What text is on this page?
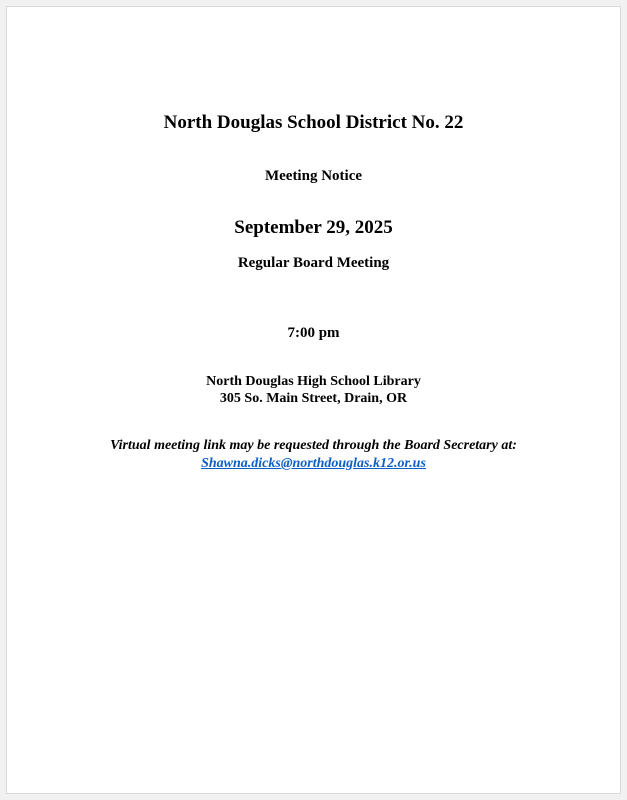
North Douglas School District No. 22
Meeting Notice
September 29, 2025
Regular Board Meeting
7:00 pm
North Douglas High School Library
305 So. Main Street, Drain, OR
Virtual meeting link may be requested through the Board Secretary at:
Shawna.dicks@northdouglas.k12.or.us
